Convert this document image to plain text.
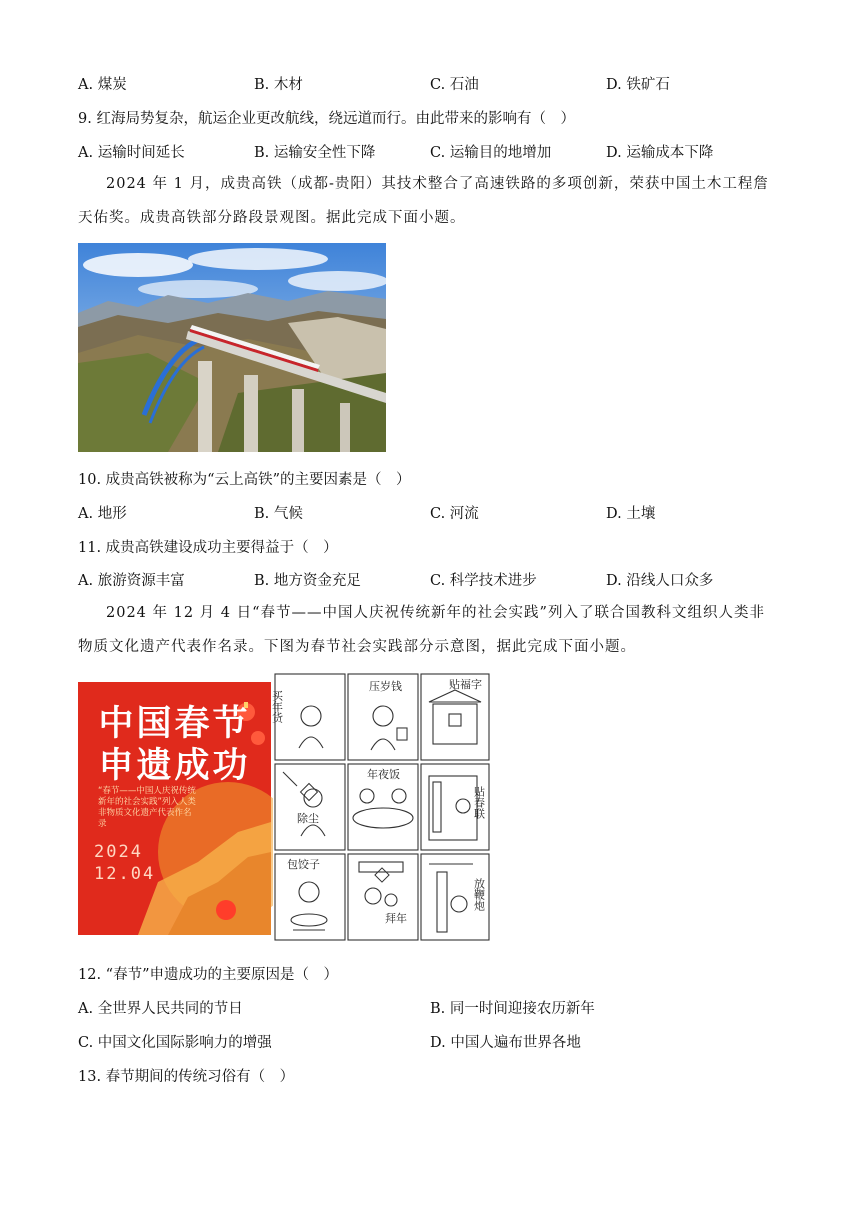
A. 煤炭	B. 木材	C. 石油	D. 铁矿石
9. 红海局势复杂，航运企业更改航线，绕远道而行。由此带来的影响有（　）
A. 运输时间延长	B. 运输安全性下降	C. 运输目的地增加	D. 运输成本下降
2024 年 1 月，成贵高铁（成都-贵阳）其技术整合了高速铁路的多项创新，荣获中国土木工程詹天佑奖。成贵高铁部分路段景观图。据此完成下面小题。
10. 成贵高铁被称为“云上高铁”的主要因素是（　）
A. 地形	B. 气候	C. 河流	D. 土壤
11. 成贵高铁建设成功主要得益于（　）
A. 旅游资源丰富	B. 地方资金充足	C. 科学技术进步	D. 沿线人口众多
2024 年 12 月 4 日“春节——中国人庆祝传统新年的社会实践”列入了联合国教科文组织人类非物质文化遗产代表作名录。下图为春节社会实践部分示意图，据此完成下面小题。
中国春节
申遗成功
“春节——中国人庆祝传统新年的社会实践”列入人类非物质文化遗产代表作名录
2024
12.04
买年货
压岁钱	贴福字
除尘
年夜饭
贴春联
包饺子
拜年
放鞭炮
12. “春节”申遗成功的主要原因是（　）
A. 全世界人民共同的节日	B. 同一时间迎接农历新年
C. 中国文化国际影响力的增强	D. 中国人遍布世界各地
13. 春节期间的传统习俗有（　）
